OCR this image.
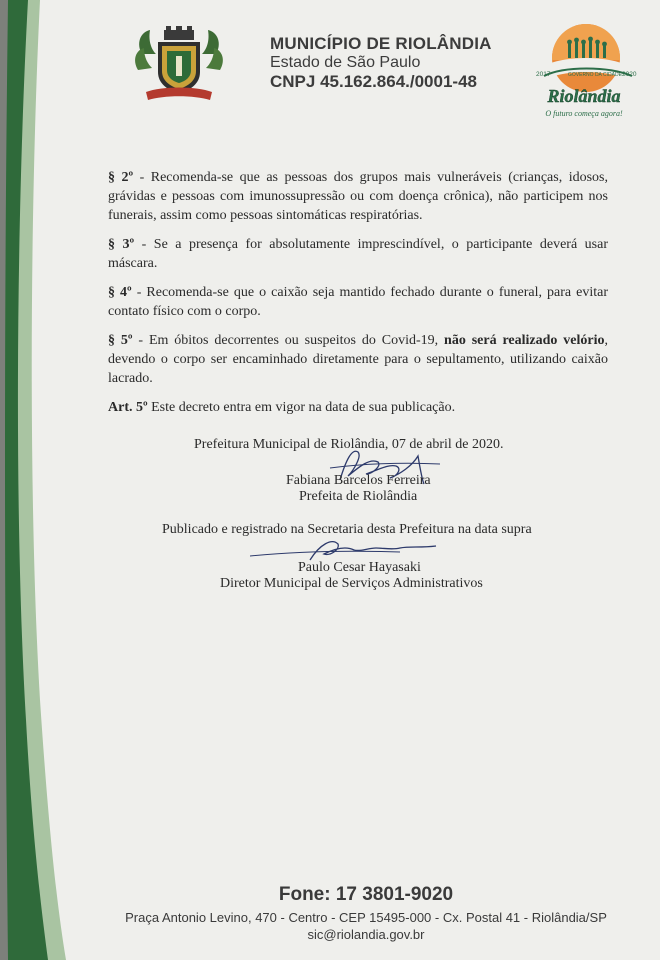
MUNICÍPIO DE RIOLÂNDIA
Estado de São Paulo
CNPJ 45.162.864./0001-48	2017	2020
GOVERNO DA CIDADE
Riolândia
O futuro começa agora!

§ 2º - Recomenda-se que as pessoas dos grupos mais vulneráveis (crianças, idosos, grávidas e pessoas com imunossupressão ou com doença crônica), não participem nos funerais, assim como pessoas sintomáticas respiratórias.

§ 3º - Se a presença for absolutamente imprescindível, o participante deverá usar máscara.

§ 4º - Recomenda-se que o caixão seja mantido fechado durante o funeral, para evitar contato físico com o corpo.

§ 5º - Em óbitos decorrentes ou suspeitos do Covid-19, não será realizado velório, devendo o corpo ser encaminhado diretamente para o sepultamento, utilizando caixão lacrado.

Art. 5º Este decreto entra em vigor na data de sua publicação.

Prefeitura Municipal de Riolândia, 07 de abril de 2020.
Fabiana Barcelos Ferreira
Prefeita de Riolândia
Publicado e registrado na Secretaria desta Prefeitura na data supra
Paulo Cesar Hayasaki
Diretor Municipal de Serviços Administrativos
Fone: 17 3801-9020
Praça Antonio Levino, 470 - Centro - CEP 15495-000 - Cx. Postal 41 - Riolândia/SP
sic@riolandia.gov.br
